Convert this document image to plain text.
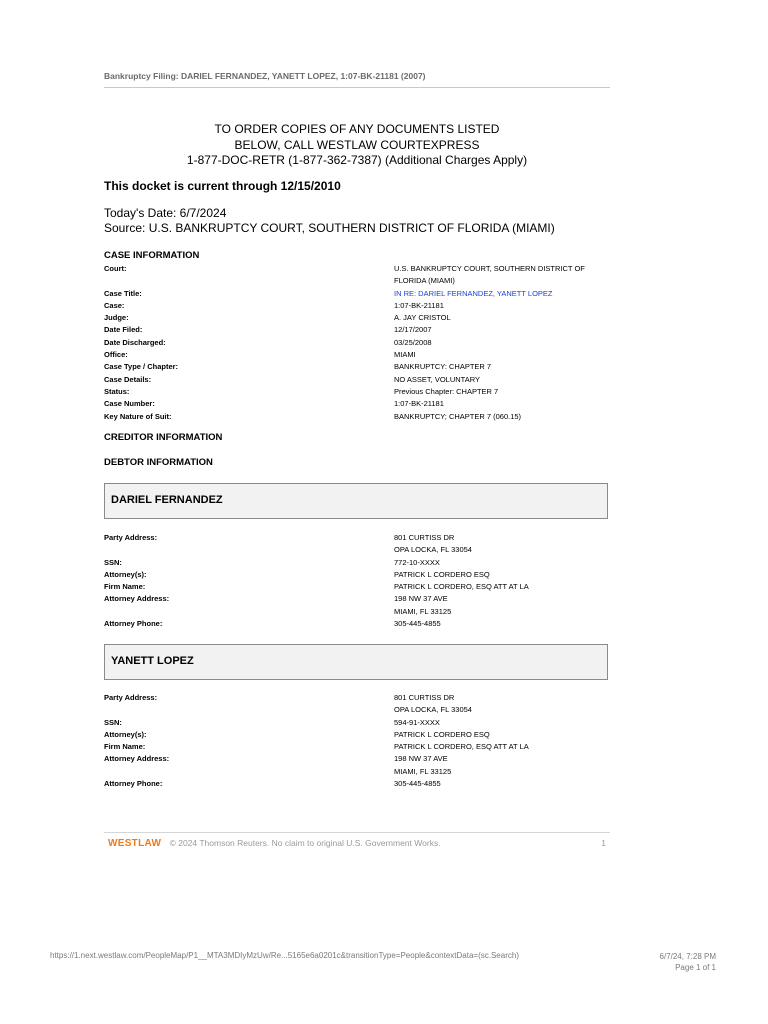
Bankruptcy Filing: DARIEL FERNANDEZ, YANETT LOPEZ, 1:07-BK-21181 (2007)
TO ORDER COPIES OF ANY DOCUMENTS LISTED
BELOW, CALL WESTLAW COURTEXPRESS
1-877-DOC-RETR (1-877-362-7387) (Additional Charges Apply)
This docket is current through 12/15/2010
Today's Date: 6/7/2024
Source: U.S. BANKRUPTCY COURT, SOUTHERN DISTRICT OF FLORIDA (MIAMI)
CASE INFORMATION
Court:	U.S. BANKRUPTCY COURT, SOUTHERN DISTRICT OF
FLORIDA (MIAMI)
Case Title:	IN RE: DARIEL FERNANDEZ, YANETT LOPEZ
Case:	1:07-BK-21181
Judge:	A. JAY CRISTOL
Date Filed:	12/17/2007
Date Discharged:	03/25/2008
Office:	MIAMI
Case Type / Chapter:	BANKRUPTCY: CHAPTER 7
Case Details:	NO ASSET, VOLUNTARY
Status:	Previous Chapter: CHAPTER 7
Case Number:	1:07-BK-21181
Key Nature of Suit:	BANKRUPTCY; CHAPTER 7 (060.15)
CREDITOR INFORMATION
DEBTOR INFORMATION
DARIEL FERNANDEZ
Party Address:	801 CURTISS DR
OPA LOCKA, FL 33054
SSN:	772-10-XXXX
Attorney(s):	PATRICK L CORDERO ESQ
Firm Name:	PATRICK L CORDERO, ESQ ATT AT LA
Attorney Address:	198 NW 37 AVE
MIAMI, FL 33125
Attorney Phone:	305-445-4855
YANETT LOPEZ
Party Address:	801 CURTISS DR
OPA LOCKA, FL 33054
SSN:	594-91-XXXX
Attorney(s):	PATRICK L CORDERO ESQ
Firm Name:	PATRICK L CORDERO, ESQ ATT AT LA
Attorney Address:	198 NW 37 AVE
MIAMI, FL 33125
Attorney Phone:	305-445-4855
WESTLAW © 2024 Thomson Reuters. No claim to original U.S. Government Works.	1
https://1.next.westlaw.com/PeopleMap/P1__MTA3MDIyMzUw/Re...5165e6a0201c&transitionType=People&contextData=(sc.Search)	6/7/24, 7:28 PM
Page 1 of 1
